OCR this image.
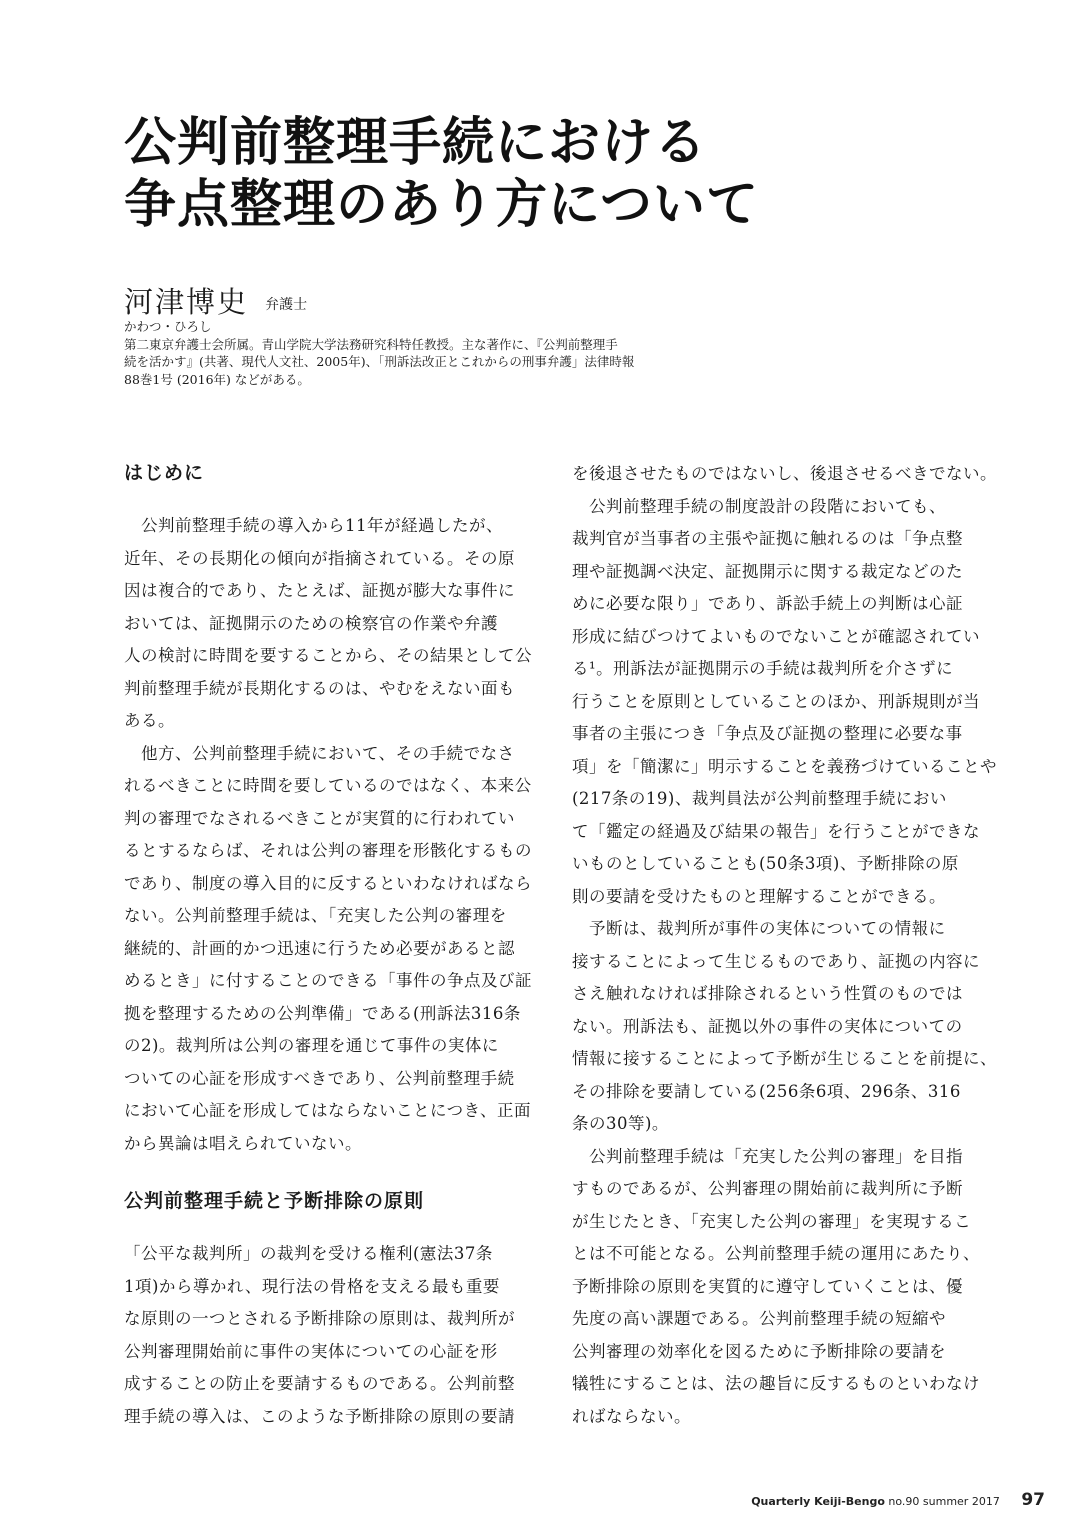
公判前整理手続における
争点整理のあり方について
河津博史 弁護士
かわつ・ひろし
第二東京弁護士会所属。青山学院大学法務研究科特任教授。主な著作に、『公判前整理手
続を活かす』(共著、現代人文社、2005年)、「刑訴法改正とこれからの刑事弁護」法律時報
88巻1号 (2016年) などがある。
はじめに
　公判前整理手続の導入から11年が経過したが、
近年、その長期化の傾向が指摘されている。その原
因は複合的であり、たとえば、証拠が膨大な事件に
おいては、証拠開示のための検察官の作業や弁護
人の検討に時間を要することから、その結果として公
判前整理手続が長期化するのは、やむをえない面も
ある。
　他方、公判前整理手続において、その手続でなさ
れるべきことに時間を要しているのではなく、本来公
判の審理でなされるべきことが実質的に行われてい
るとするならば、それは公判の審理を形骸化するもの
であり、制度の導入目的に反するといわなければなら
ない。公判前整理手続は、「充実した公判の審理を
継続的、計画的かつ迅速に行うため必要があると認
めるとき」に付することのできる「事件の争点及び証
拠を整理するための公判準備」である(刑訴法316条
の2)。裁判所は公判の審理を通じて事件の実体に
ついての心証を形成すべきであり、公判前整理手続
において心証を形成してはならないことにつき、正面
から異論は唱えられていない。
公判前整理手続と予断排除の原則
「公平な裁判所」の裁判を受ける権利(憲法37条
1項)から導かれ、現行法の骨格を支える最も重要
な原則の一つとされる予断排除の原則は、裁判所が
公判審理開始前に事件の実体についての心証を形
成することの防止を要請するものである。公判前整
理手続の導入は、このような予断排除の原則の要請
を後退させたものではないし、後退させるべきでない。
　公判前整理手続の制度設計の段階においても、
裁判官が当事者の主張や証拠に触れるのは「争点整
理や証拠調べ決定、証拠開示に関する裁定などのた
めに必要な限り」であり、訴訟手続上の判断は心証
形成に結びつけてよいものでないことが確認されてい
る¹。刑訴法が証拠開示の手続は裁判所を介さずに
行うことを原則としていることのほか、刑訴規則が当
事者の主張につき「争点及び証拠の整理に必要な事
項」を「簡潔に」明示することを義務づけていることや
(217条の19)、裁判員法が公判前整理手続におい
て「鑑定の経過及び結果の報告」を行うことができな
いものとしていることも(50条3項)、予断排除の原
則の要請を受けたものと理解することができる。
　予断は、裁判所が事件の実体についての情報に
接することによって生じるものであり、証拠の内容に
さえ触れなければ排除されるという性質のものでは
ない。刑訴法も、証拠以外の事件の実体についての
情報に接することによって予断が生じることを前提に、
その排除を要請している(256条6項、296条、316
条の30等)。
　公判前整理手続は「充実した公判の審理」を目指
すものであるが、公判審理の開始前に裁判所に予断
が生じたとき、「充実した公判の審理」を実現するこ
とは不可能となる。公判前整理手続の運用にあたり、
予断排除の原則を実質的に遵守していくことは、優
先度の高い課題である。公判前整理手続の短縮や
公判審理の効率化を図るために予断排除の要請を
犠牲にすることは、法の趣旨に反するものといわなけ
ればならない。
Quarterly Keiji-Bengo no.90 summer 2017 97
